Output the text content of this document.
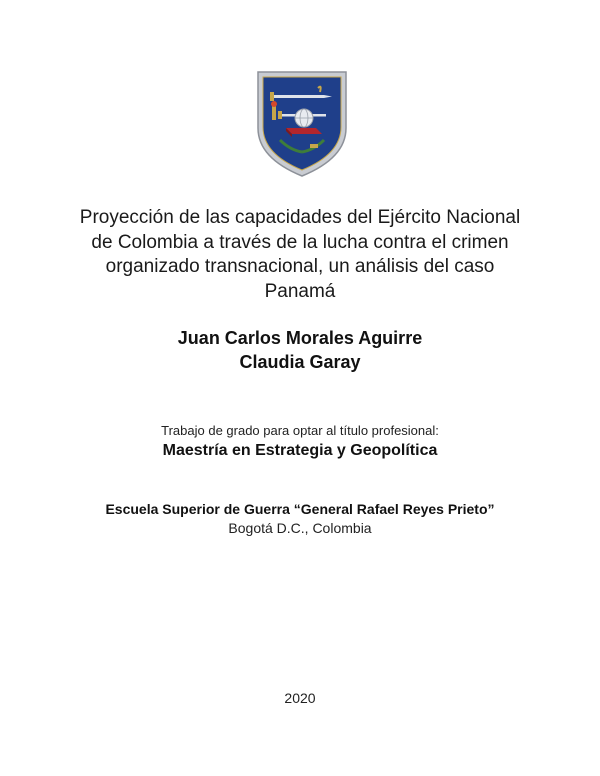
Proyección de las capacidades del Ejército Nacional
de Colombia a través de la lucha contra el crimen
organizado transnacional, un análisis del caso
Panamá
Juan Carlos Morales Aguirre
Claudia Garay
Trabajo de grado para optar al título profesional:
Maestría en Estrategia y Geopolítica
Escuela Superior de Guerra “General Rafael Reyes Prieto”
Bogotá D.C., Colombia
2020
